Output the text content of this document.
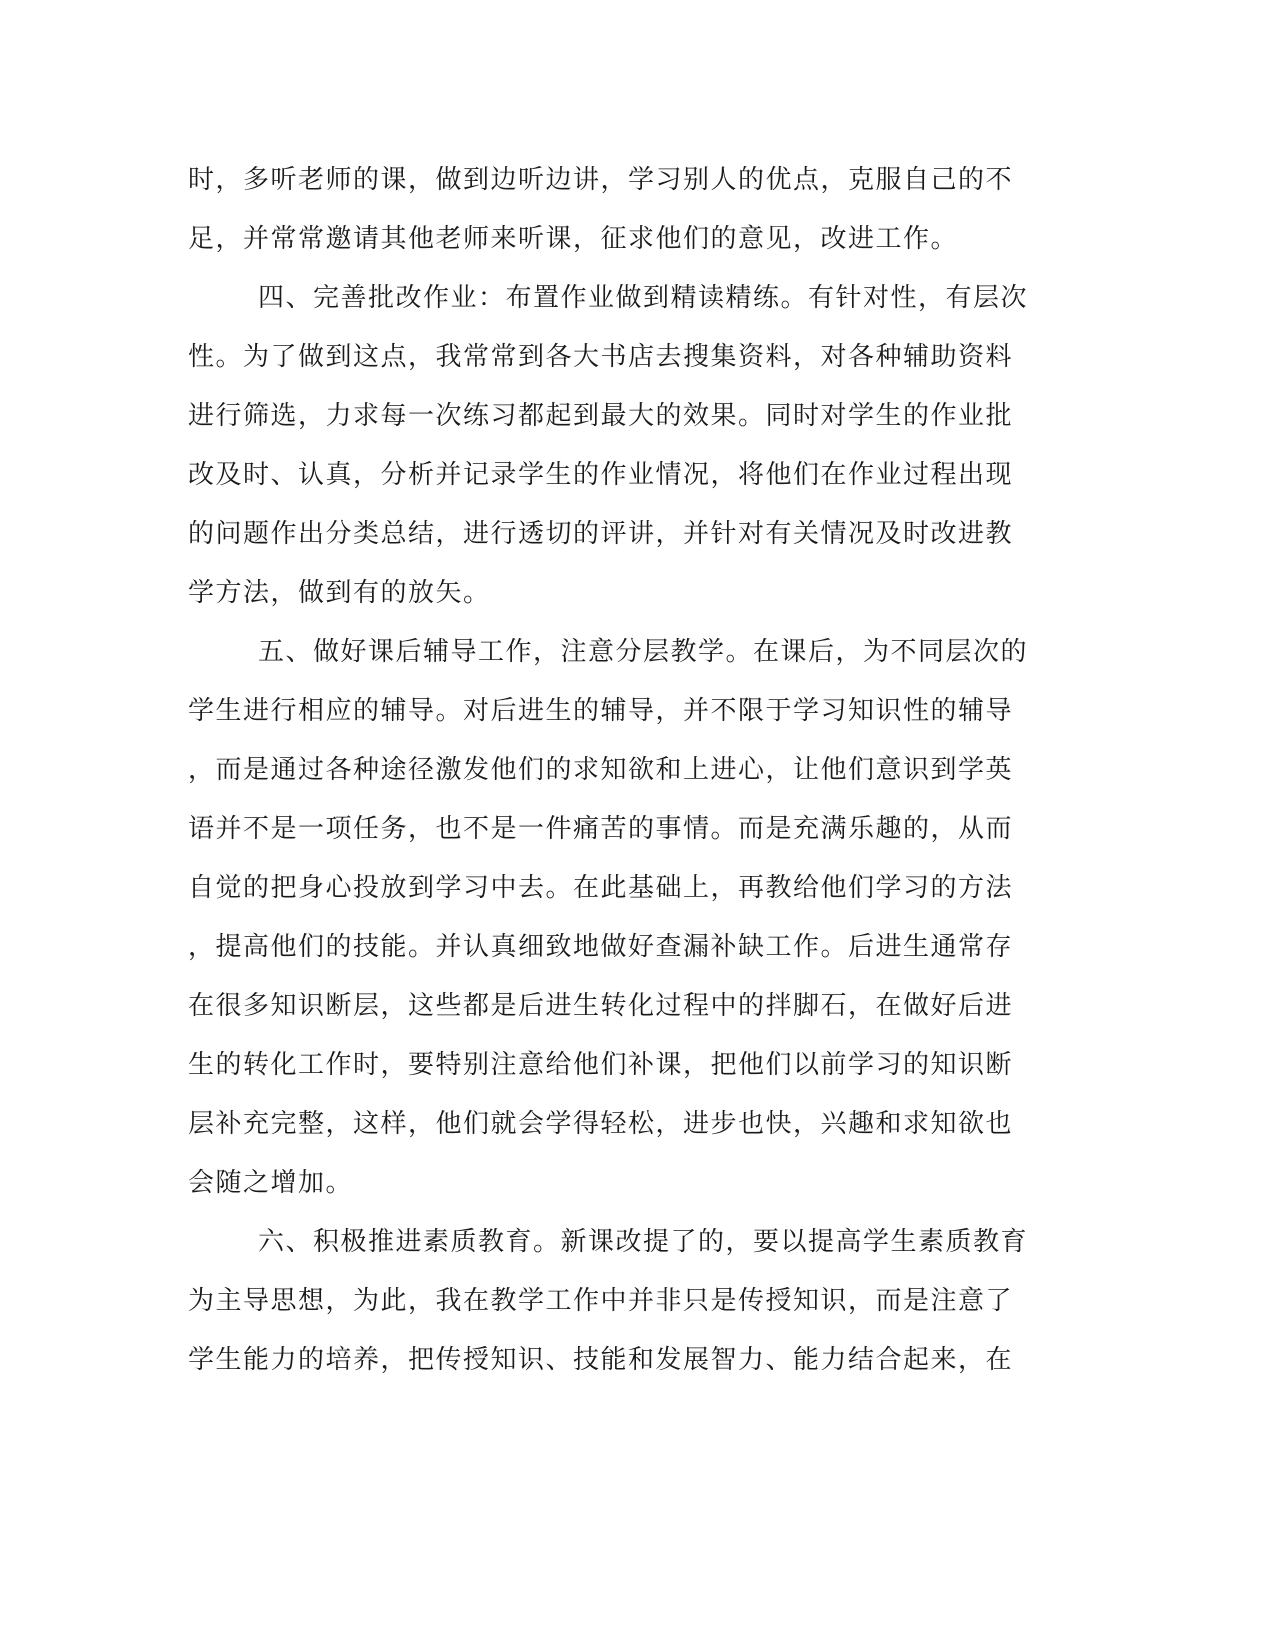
时，多听老师的课，做到边听边讲，学习别人的优点，克服自己的不

足，并常常邀请其他老师来听课，征求他们的意见，改进工作。

四、完善批改作业：布置作业做到精读精练。有针对性，有层次

性。为了做到这点，我常常到各大书店去搜集资料，对各种辅助资料

进行筛选，力求每一次练习都起到最大的效果。同时对学生的作业批

改及时、认真，分析并记录学生的作业情况，将他们在作业过程出现

的问题作出分类总结，进行透切的评讲，并针对有关情况及时改进教

学方法，做到有的放矢。

五、做好课后辅导工作，注意分层教学。在课后，为不同层次的

学生进行相应的辅导。对后进生的辅导，并不限于学习知识性的辅导

，而是通过各种途径激发他们的求知欲和上进心，让他们意识到学英

语并不是一项任务，也不是一件痛苦的事情。而是充满乐趣的，从而

自觉的把身心投放到学习中去。在此基础上，再教给他们学习的方法

，提高他们的技能。并认真细致地做好查漏补缺工作。后进生通常存

在很多知识断层，这些都是后进生转化过程中的拌脚石，在做好后进

生的转化工作时，要特别注意给他们补课，把他们以前学习的知识断

层补充完整，这样，他们就会学得轻松，进步也快，兴趣和求知欲也

会随之增加。

六、积极推进素质教育。新课改提了的，要以提高学生素质教育

为主导思想，为此，我在教学工作中并非只是传授知识，而是注意了

学生能力的培养，把传授知识、技能和发展智力、能力结合起来，在
